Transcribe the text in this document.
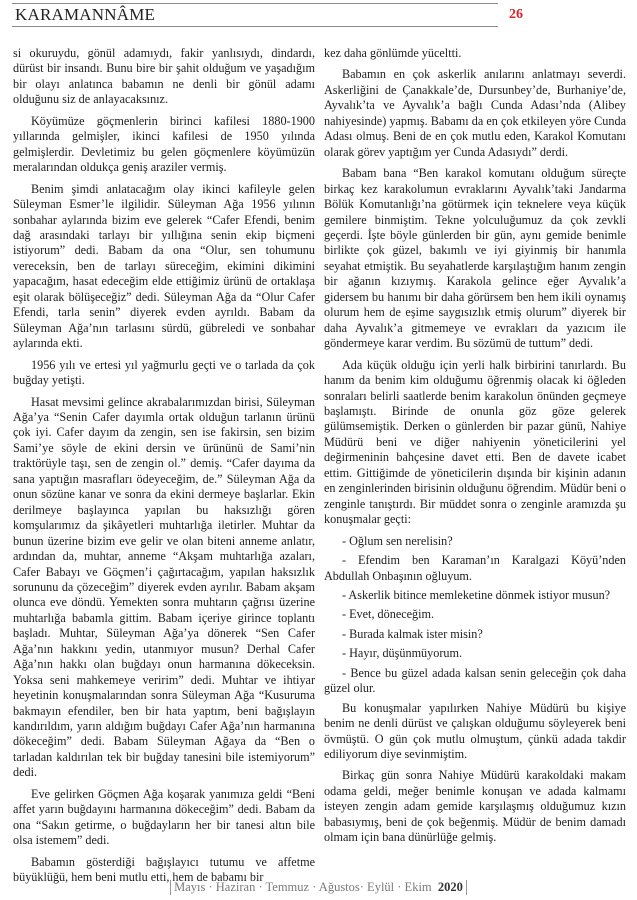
KARAMANNÂME	26

si okuruydu, gönül adamıydı, fakir yanlısıydı, dindardı, dürüst bir insandı. Bunu bire bir şahit olduğum ve yaşadığım bir olayı anlatınca babamın ne denli bir gönül adamı olduğunu siz de anlayacaksınız.

Köyümüze göçmenlerin birinci kafilesi 1880-1900 yıllarında gelmişler, ikinci kafilesi de 1950 yılında gelmişlerdir. Devletimiz bu gelen göçmenlere köyümüzün meralarından oldukça geniş araziler vermiş.

Benim şimdi anlatacağım olay ikinci kafileyle gelen Süleyman Esmer’le ilgilidir. Süleyman Ağa 1956 yılının sonbahar aylarında bizim eve gelerek “Cafer Efendi, benim dağ arasındaki tarlayı bir yıllığına senin ekip biçmeni istiyorum” dedi. Babam da ona “Olur, sen tohumunu vereceksin, ben de tarlayı süreceğim, ekimini dikimini yapacağım, hasat edeceğim elde ettiğimiz ürünü de ortaklaşa eşit olarak bölüşeceğiz” dedi. Süleyman Ağa da “Olur Cafer Efendi, tarla senin” diyerek evden ayrıldı. Babam da Süleyman Ağa’nın tarlasını sürdü, gübreledi ve sonbahar aylarında ekti.

1956 yılı ve ertesi yıl yağmurlu geçti ve o tarlada da çok buğday yetişti.

Hasat mevsimi gelince akrabalarımızdan birisi, Süleyman Ağa’ya “Senin Cafer dayımla ortak olduğun tarlanın ürünü çok iyi. Cafer dayım da zengin, sen ise fakirsin, sen bizim Sami’ye söyle de ekini dersin ve ürününü de Sami’nin traktörüyle taşı, sen de zengin ol.” demiş. “Cafer dayıma da sana yaptığın masrafları ödeyeceğim, de.” Süleyman Ağa da onun sözüne kanar ve sonra da ekini dermeye başlarlar. Ekin derilmeye başlayınca yapılan bu haksızlığı gören komşularımız da şikâyetleri muhtarlığa iletirler. Muhtar da bunun üzerine bizim eve gelir ve olan biteni anneme anlatır, ardından da, muhtar, anneme “Akşam muhtarlığa azaları, Cafer Babayı ve Göçmen’i çağırtacağım, yapılan haksızlık sorununu da çözeceğim” diyerek evden ayrılır. Babam akşam olunca eve döndü. Yemekten sonra muhtarın çağrısı üzerine muhtarlığa babamla gittim. Babam içeriye girince toplantı başladı. Muhtar, Süleyman Ağa’ya dönerek “Sen Cafer Ağa’nın hakkını yedin, utanmıyor musun? Derhal Cafer Ağa’nın hakkı olan buğdayı onun harmanına dökeceksin. Yoksa seni mahkemeye veririm” dedi. Muhtar ve ihtiyar heyetinin konuşmalarından sonra Süleyman Ağa “Kusuruma bakmayın efendiler, ben bir hata yaptım, beni bağışlayın kandırıldım, yarın aldığım buğdayı Cafer Ağa’nın harmanına dökeceğim” dedi. Babam Süleyman Ağaya da “Ben o tarladan kaldırılan tek bir buğday tanesini bile istemiyorum” dedi.

Eve gelirken Göçmen Ağa koşarak yanımıza geldi “Beni affet yarın buğdayını harmanına dökeceğim” dedi. Babam da ona “Sakın getirme, o buğdayların her bir tanesi altın bile olsa istemem” dedi.

Babamın gösterdiği bağışlayıcı tutumu ve affetme büyüklüğü, hem beni mutlu etti, hem de babamı bir

kez daha gönlümde yüceltti.

Babamın en çok askerlik anılarını anlatmayı severdi. Askerliğini de Çanakkale’de, Dursunbey’de, Burhaniye’de, Ayvalık’ta ve Ayvalık’a bağlı Cunda Adası’nda (Alibey nahiyesinde) yapmış. Babamı da en çok etkileyen yöre Cunda Adası olmuş. Beni de en çok mutlu eden, Karakol Komutanı olarak görev yaptığım yer Cunda Adasıydı” derdi.

Babam bana “Ben karakol komutanı olduğum süreçte birkaç kez karakolumun evraklarını Ayvalık’taki Jandarma Bölük Komutanlığı’na götürmek için teknelere veya küçük gemilere binmiştim. Tekne yolculuğumuz da çok zevkli geçerdi. İşte böyle günlerden bir gün, aynı gemide benimle birlikte çok güzel, bakımlı ve iyi giyinmiş bir hanımla seyahat etmiştik. Bu seyahatlerde karşılaştığım hanım zengin bir ağanın kızıymış. Karakola gelince eğer Ayvalık’a gidersem bu hanımı bir daha görürsem ben hem ikili oynamış olurum hem de eşime saygısızlık etmiş olurum” diyerek bir daha Ayvalık’a gitmemeye ve evrakları da yazıcım ile göndermeye karar verdim. Bu sözümü de tuttum” dedi.

Ada küçük olduğu için yerli halk birbirini tanırlardı. Bu hanım da benim kim olduğumu öğrenmiş olacak ki öğleden sonraları belirli saatlerde benim karakolun önünden geçmeye başlamıştı. Birinde de onunla göz göze gelerek gülümsemiştik. Derken o günlerden bir pazar günü, Nahiye Müdürü beni ve diğer nahiyenin yöneticilerini yel değirmeninin bahçesine davet etti. Ben de davete icabet ettim. Gittiğimde de yöneticilerin dışında bir kişinin adanın en zenginlerinden birisinin olduğunu öğrendim. Müdür beni o zenginle tanıştırdı. Bir müddet sonra o zenginle aramızda şu konuşmalar geçti:

- Oğlum sen nerelisin?

- Efendim ben Karaman’ın Karalgazi Köyü’nden Abdullah Onbaşının oğluyum.

- Askerlik bitince memleketine dönmek istiyor musun?

- Evet, döneceğim.

- Burada kalmak ister misin?

- Hayır, düşünmüyorum.

- Bence bu güzel adada kalsan senin geleceğin çok daha güzel olur.

Bu konuşmalar yapılırken Nahiye Müdürü bu kişiye benim ne denli dürüst ve çalışkan olduğumu söyleyerek beni övmüştü. O gün çok mutlu olmuştum, çünkü adada takdir ediliyorum diye sevinmiştim.

Birkaç gün sonra Nahiye Müdürü karakoldaki makam odama geldi, meğer benimle konuşan ve adada kalmamı isteyen zengin adam gemide karşılaşmış olduğumuz kızın babasıymış, beni de çok beğenmiş. Müdür de benim damadı olmam için bana dünürlüğe gelmiş.

Mayıs · Haziran · Temmuz · Ağustos· Eylül · Ekim 2020
